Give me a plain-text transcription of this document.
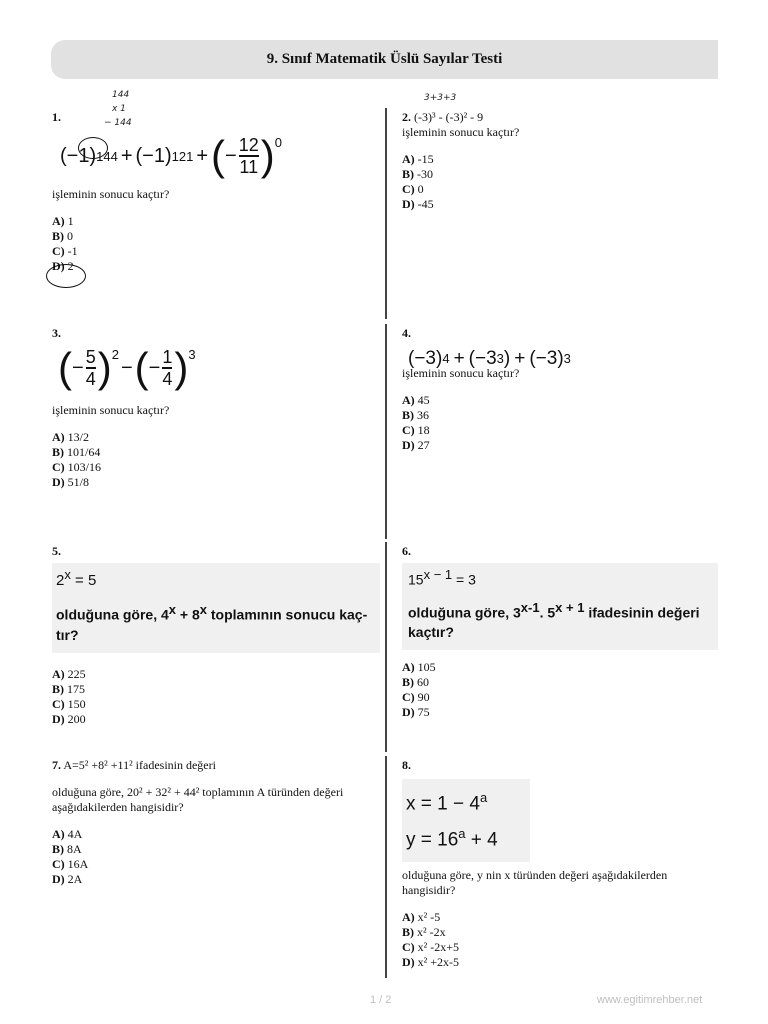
9. Sınıf Matematik Üslü Sayılar Testi
1.
(−1) 144 + (−1) 121 + ( − $\frac{12}{11} )^0$
işleminin sonucu kaçtır?
A) 1
B) 0
C) -1
D) 2
144
x 1
− 144	2. (-3)³ - (-3)² - 9
işleminin sonucu kaçtır?
A) -15
B) -30
C) 0
D) -45
3+3+3
3.
( − $\frac{5}{4} )^2$
− ( − $\frac{1}{4} )^3$
işleminin sonucu kaçtır?
A) 13/2
B) 101/64
C) 103/16
D) 51/8
4.
(−3) 4 + (−3 3 ) + (−3) 3
işleminin sonucu kaçtır?
A) 45
B) 36
C) 18
D) 27
5.
$2^x = 5$
olduğuna göre, $4^x + 8^x$ toplamının sonucu kaç-
tır?
A) 225
B) 175
C) 150
D) 200
6.
$15^{x - 1} = 3$
olduğuna göre, 3$^{x-1}$. $5^{x + 1}$ ifadesinin değeri
kaçtır?
A) 105
B) 60
C) 90
D) 75
7. A=5² +8² +11² ifadesinin değeri
olduğuna göre, 20² + 32² + 44² toplamının A türünden değeri aşağıdakilerden hangisidir?
A) 4A
B) 8A
C) 16A
D) 2A
8.
$x = 1 - 4^a$
$y = 16^a + 4$
olduğuna göre, y nin x türünden değeri aşağıdakilerden hangisidir?
A) x² -5
B) x² -2x
C) x² -2x+5
D) x² +2x-5
1 / 2	www.egitimrehber.net
